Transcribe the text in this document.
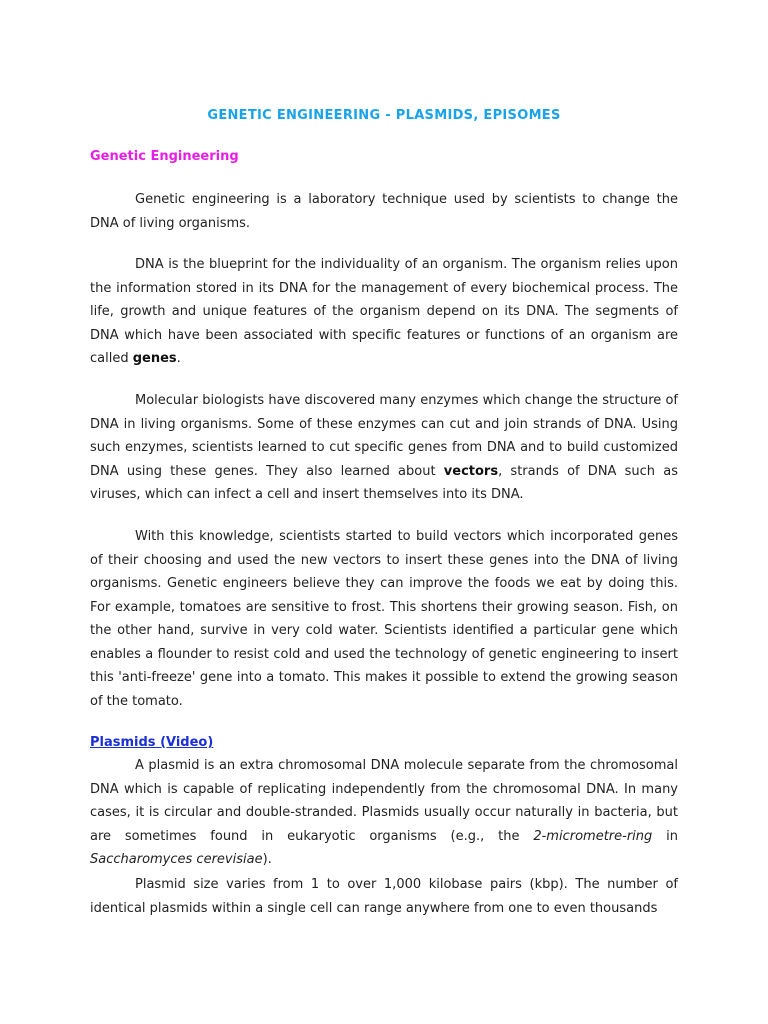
GENETIC ENGINEERING - PLASMIDS, EPISOMES
Genetic Engineering

Genetic engineering is a laboratory technique used by scientists to change the DNA of living organisms.

DNA is the blueprint for the individuality of an organism. The organism relies upon the information stored in its DNA for the management of every biochemical process. The life, growth and unique features of the organism depend on its DNA. The segments of DNA which have been associated with specific features or functions of an organism are called genes.

Molecular biologists have discovered many enzymes which change the structure of DNA in living organisms. Some of these enzymes can cut and join strands of DNA. Using such enzymes, scientists learned to cut specific genes from DNA and to build customized DNA using these genes. They also learned about vectors, strands of DNA such as viruses, which can infect a cell and insert themselves into its DNA.

With this knowledge, scientists started to build vectors which incorporated genes of their choosing and used the new vectors to insert these genes into the DNA of living organisms. Genetic engineers believe they can improve the foods we eat by doing this. For example, tomatoes are sensitive to frost. This shortens their growing season. Fish, on the other hand, survive in very cold water. Scientists identified a particular gene which enables a flounder to resist cold and used the technology of genetic engineering to insert this 'anti-freeze' gene into a tomato. This makes it possible to extend the growing season of the tomato.

Plasmids (Video)

A plasmid is an extra chromosomal DNA molecule separate from the chromosomal DNA which is capable of replicating independently from the chromosomal DNA. In many cases, it is circular and double-stranded. Plasmids usually occur naturally in bacteria, but are sometimes found in eukaryotic organisms (e.g., the 2-micrometre-ring in Saccharomyces cerevisiae).

Plasmid size varies from 1 to over 1,000 kilobase pairs (kbp). The number of identical plasmids within a single cell can range anywhere from one to even thousands
